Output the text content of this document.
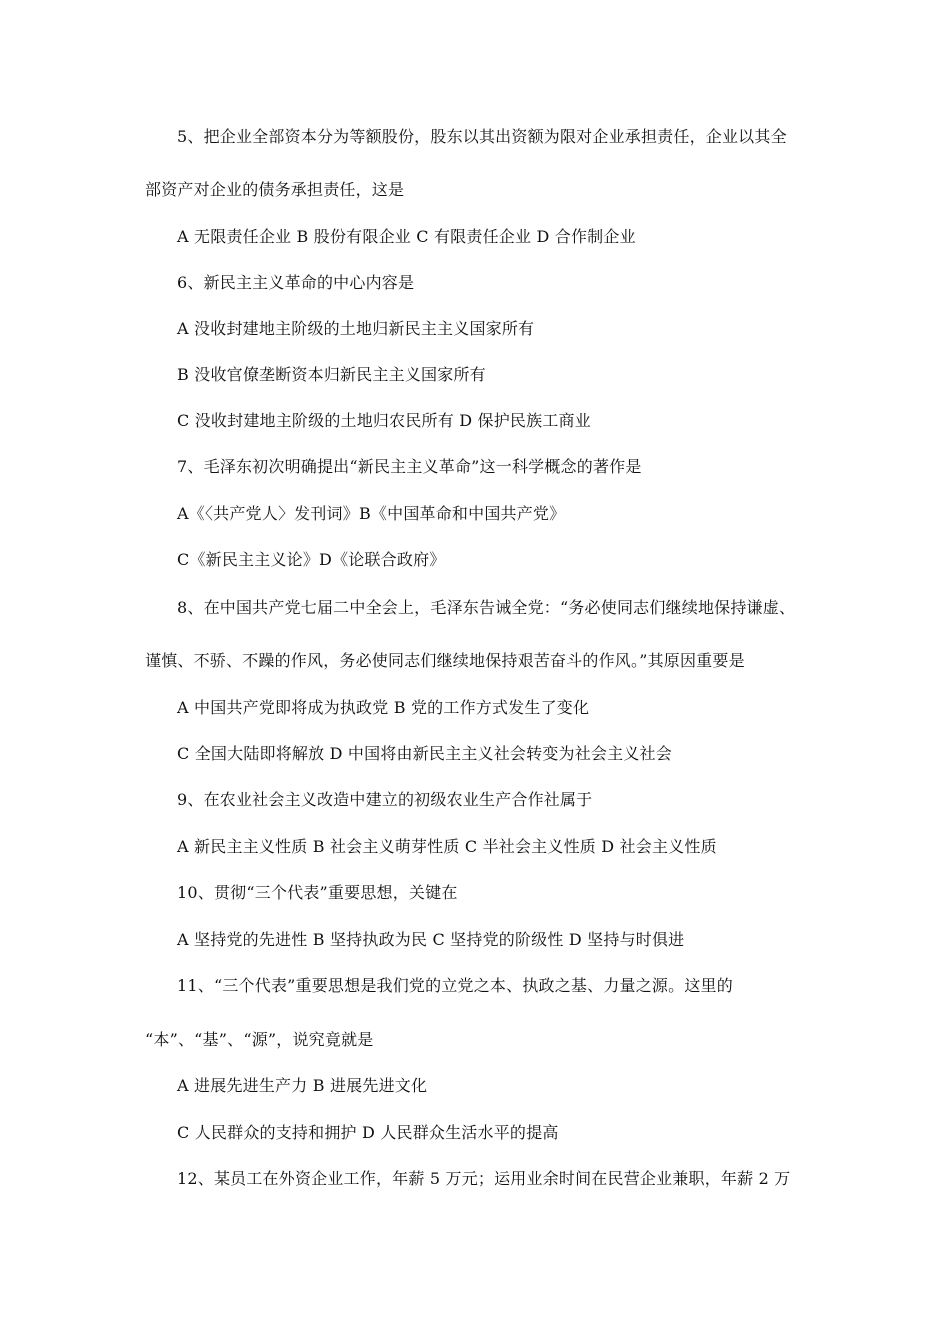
5、把企业全部资本分为等额股份，股东以其出资额为限对企业承担责任，企业以其全
部资产对企业的债务承担责任，这是
A 无限责任企业 B 股份有限企业 C 有限责任企业 D 合作制企业
6、新民主主义革命的中心内容是
A 没收封建地主阶级的土地归新民主主义国家所有
B 没收官僚垄断资本归新民主主义国家所有
C 没收封建地主阶级的土地归农民所有 D 保护民族工商业
7、毛泽东初次明确提出“新民主主义革命”这一科学概念的著作是
A《〈共产党人〉发刊词》B《中国革命和中国共产党》
C《新民主主义论》D《论联合政府》
8、在中国共产党七届二中全会上，毛泽东告诫全党：“务必使同志们继续地保持谦虚、
谨慎、不骄、不躁的作风，务必使同志们继续地保持艰苦奋斗的作风。”其原因重要是
A 中国共产党即将成为执政党 B 党的工作方式发生了变化
C 全国大陆即将解放 D 中国将由新民主主义社会转变为社会主义社会
9、在农业社会主义改造中建立的初级农业生产合作社属于
A 新民主主义性质 B 社会主义萌芽性质 C 半社会主义性质 D 社会主义性质
10、贯彻“三个代表”重要思想，关键在
A 坚持党的先进性 B 坚持执政为民 C 坚持党的阶级性 D 坚持与时俱进
11、“三个代表”重要思想是我们党的立党之本、执政之基、力量之源。这里的
“本”、“基”、“源”，说究竟就是
A 进展先进生产力 B 进展先进文化
C 人民群众的支持和拥护 D 人民群众生活水平的提高
12、某员工在外资企业工作，年薪 5 万元；运用业余时间在民营企业兼职，年薪 2 万
